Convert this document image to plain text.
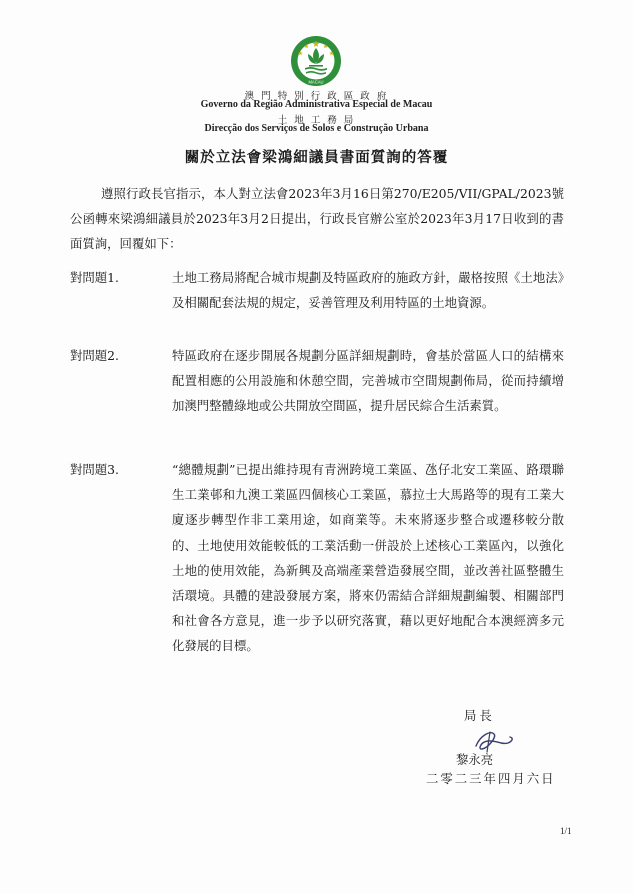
MACAU
澳 門 特 別 行 政 區 政 府
Governo da Região Administrativa Especial de Macau
土 地 工 務 局
Direcção dos Serviços de Solos e Construção Urbana
關於立法會梁鴻細議員書面質詢的答覆
遵照行政長官指示，本人對立法會2023年3月16日第270/E205/VII/GPAL/2023號公函轉來梁鴻細議員於2023年3月2日提出，行政長官辦公室於2023年3月17日收到的書面質詢，回覆如下：
對問題1.	土地工務局將配合城市規劃及特區政府的施政方針，嚴格按照《土地法》及相關配套法規的規定，妥善管理及利用特區的土地資源。
對問題2.	特區政府在逐步開展各規劃分區詳細規劃時，會基於當區人口的結構來配置相應的公用設施和休憩空間，完善城市空間規劃佈局，從而持續增加澳門整體綠地或公共開放空間區，提升居民綜合生活素質。
對問題3.	“總體規劃”已提出維持現有青洲跨境工業區、氹仔北安工業區、路環聯生工業邨和九澳工業區四個核心工業區，慕拉士大馬路等的現有工業大廈逐步轉型作非工業用途，如商業等。未來將逐步整合或遷移較分散的、土地使用效能較低的工業活動一併設於上述核心工業區內，以強化土地的使用效能，為新興及高端產業營造發展空間，並改善社區整體生活環境。具體的建設發展方案，將來仍需結合詳細規劃編製、相關部門和社會各方意見，進一步予以研究落實，藉以更好地配合本澳經濟多元化發展的目標。
局長
黎永亮
二零二三年四月六日
1/1
